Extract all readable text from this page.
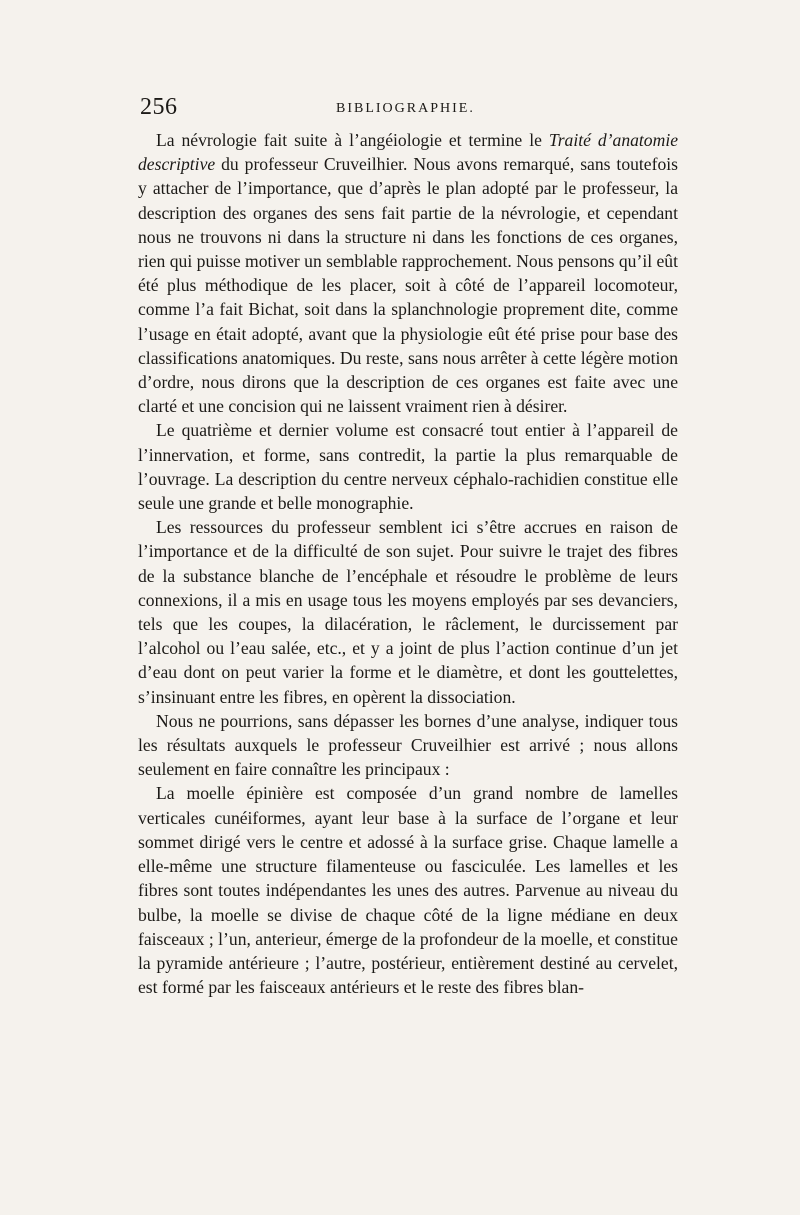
256	BIBLIOGRAPHIE.

La névrologie fait suite à l’angéiologie et termine le Traité d’anatomie descriptive du professeur Cruveilhier. Nous avons remarqué, sans toutefois y attacher de l’importance, que d’après le plan adopté par le professeur, la description des organes des sens fait partie de la névrologie, et cependant nous ne trouvons ni dans la structure ni dans les fonctions de ces organes, rien qui puisse motiver un semblable rapprochement. Nous pensons qu’il eût été plus méthodique de les placer, soit à côté de l’appareil locomoteur, comme l’a fait Bichat, soit dans la splanchnologie proprement dite, comme l’usage en était adopté, avant que la physiologie eût été prise pour base des classifications anatomiques. Du reste, sans nous arrêter à cette légère motion d’ordre, nous dirons que la description de ces organes est faite avec une clarté et une concision qui ne laissent vraiment rien à désirer.

Le quatrième et dernier volume est consacré tout entier à l’appareil de l’innervation, et forme, sans contredit, la partie la plus remarquable de l’ouvrage. La description du centre nerveux céphalo-rachidien constitue elle seule une grande et belle monographie.

Les ressources du professeur semblent ici s’être accrues en raison de l’importance et de la difficulté de son sujet. Pour suivre le trajet des fibres de la substance blanche de l’encéphale et résoudre le problème de leurs connexions, il a mis en usage tous les moyens employés par ses devanciers, tels que les coupes, la dilacération, le râclement, le durcissement par l’alcohol ou l’eau salée, etc., et y a joint de plus l’action continue d’un jet d’eau dont on peut varier la forme et le diamètre, et dont les gouttelettes, s’insinuant entre les fibres, en opèrent la dissociation.

Nous ne pourrions, sans dépasser les bornes d’une analyse, indiquer tous les résultats auxquels le professeur Cruveilhier est arrivé ; nous allons seulement en faire connaître les principaux :

La moelle épinière est composée d’un grand nombre de lamelles verticales cunéiformes, ayant leur base à la surface de l’organe et leur sommet dirigé vers le centre et adossé à la surface grise. Chaque lamelle a elle-même une structure filamenteuse ou fasciculée. Les lamelles et les fibres sont toutes indépendantes les unes des autres. Parvenue au niveau du bulbe, la moelle se divise de chaque côté de la ligne médiane en deux faisceaux ; l’un, anterieur, émerge de la profondeur de la moelle, et constitue la pyramide antérieure ; l’autre, postérieur, entièrement destiné au cervelet, est formé par les faisceaux antérieurs et le reste des fibres blan-
